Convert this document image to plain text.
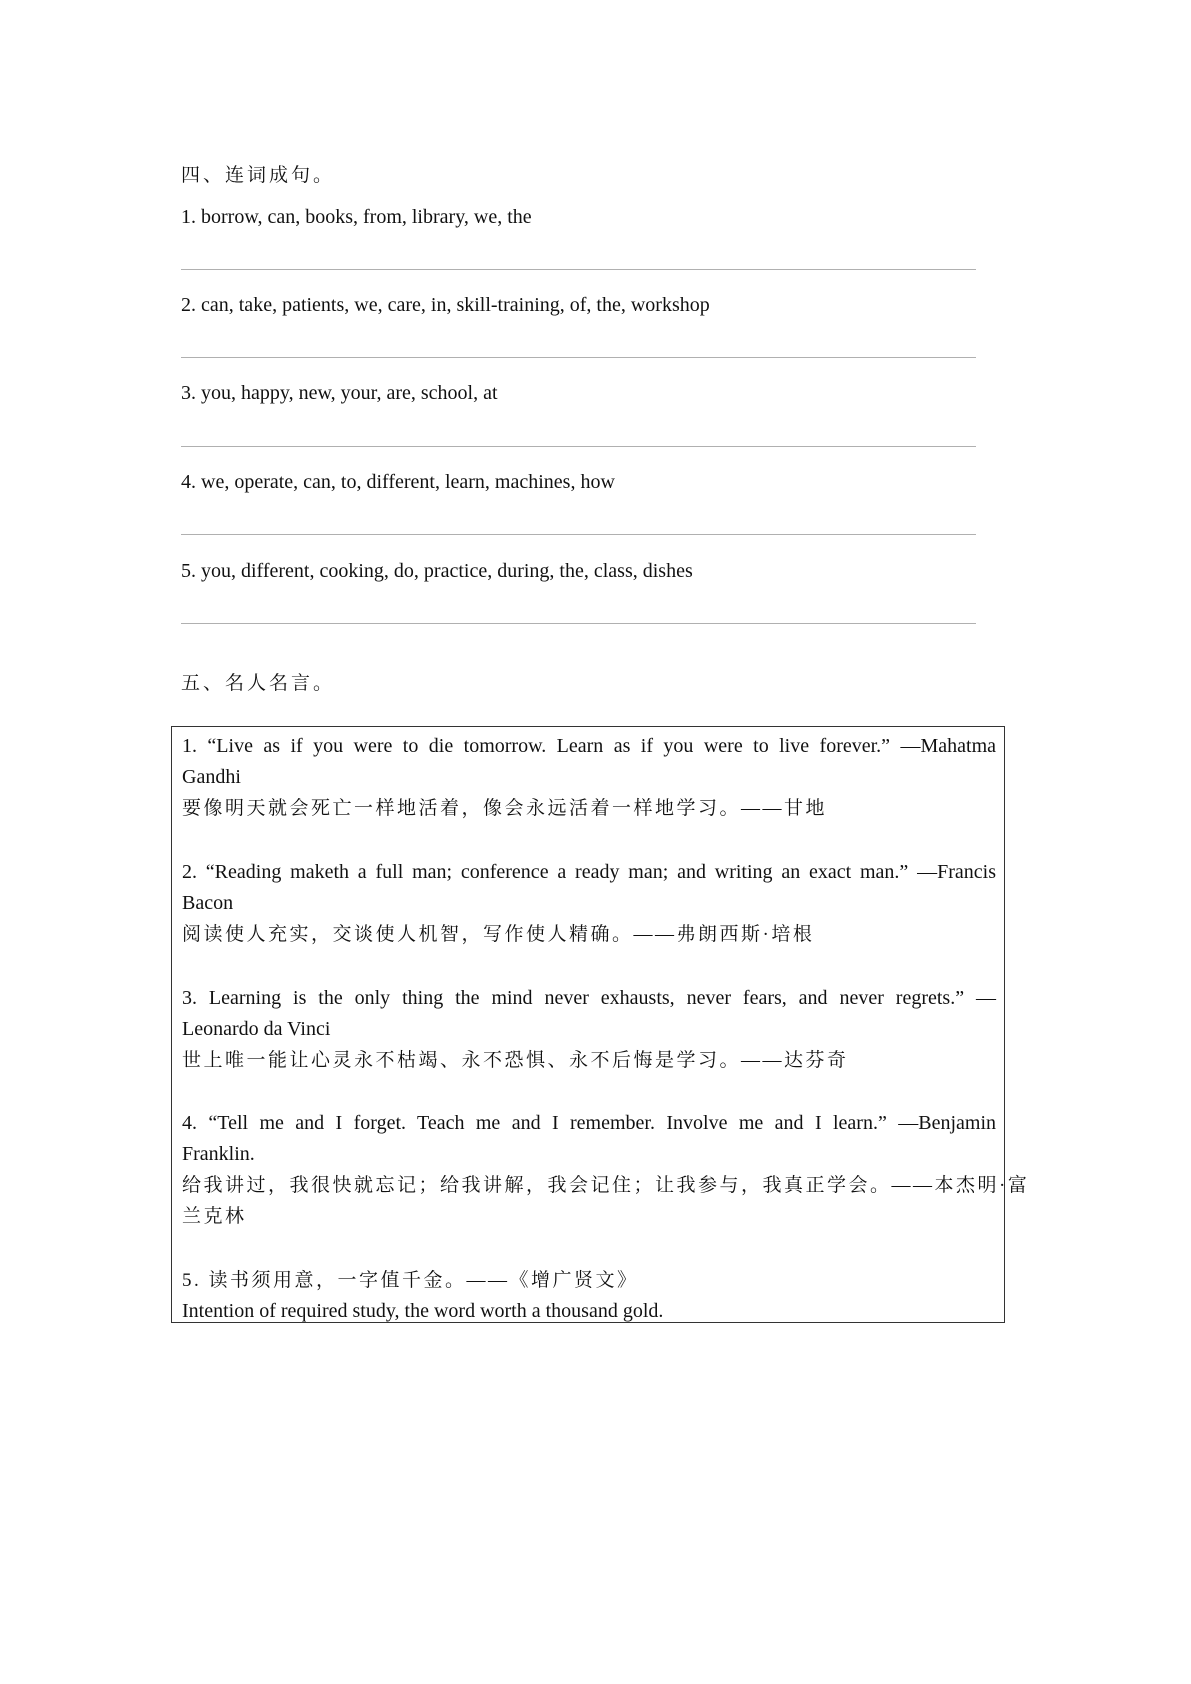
四、连词成句。
1. borrow, can, books, from, library, we, the
2. can, take, patients, we, care, in, skill-training, of, the, workshop
3. you, happy, new, your, are, school, at
4. we, operate, can, to, different, learn, machines, how
5. you, different, cooking, do, practice, during, the, class, dishes
五、名人名言。
1. “Live as if you were to die tomorrow. Learn as if you were to live forever.” ―Mahatma
Gandhi
要像明天就会死亡一样地活着，像会永远活着一样地学习。——甘地
2. “Reading maketh a full man; conference a ready man; and writing an exact man.” ―Francis
Bacon
阅读使人充实，交谈使人机智，写作使人精确。——弗朗西斯·培根
3. Learning is the only thing the mind never exhausts, never fears, and never regrets.” ―
Leonardo da Vinci
世上唯一能让心灵永不枯竭、永不恐惧、永不后悔是学习。——达芬奇
4. “Tell me and I forget. Teach me and I remember. Involve me and I learn.” ―Benjamin
Franklin.
给我讲过，我很快就忘记；给我讲解，我会记住；让我参与，我真正学会。——本杰明·富
兰克林
5. 读书须用意，一字值千金。——《增广贤文》
Intention of required study, the word worth a thousand gold.
